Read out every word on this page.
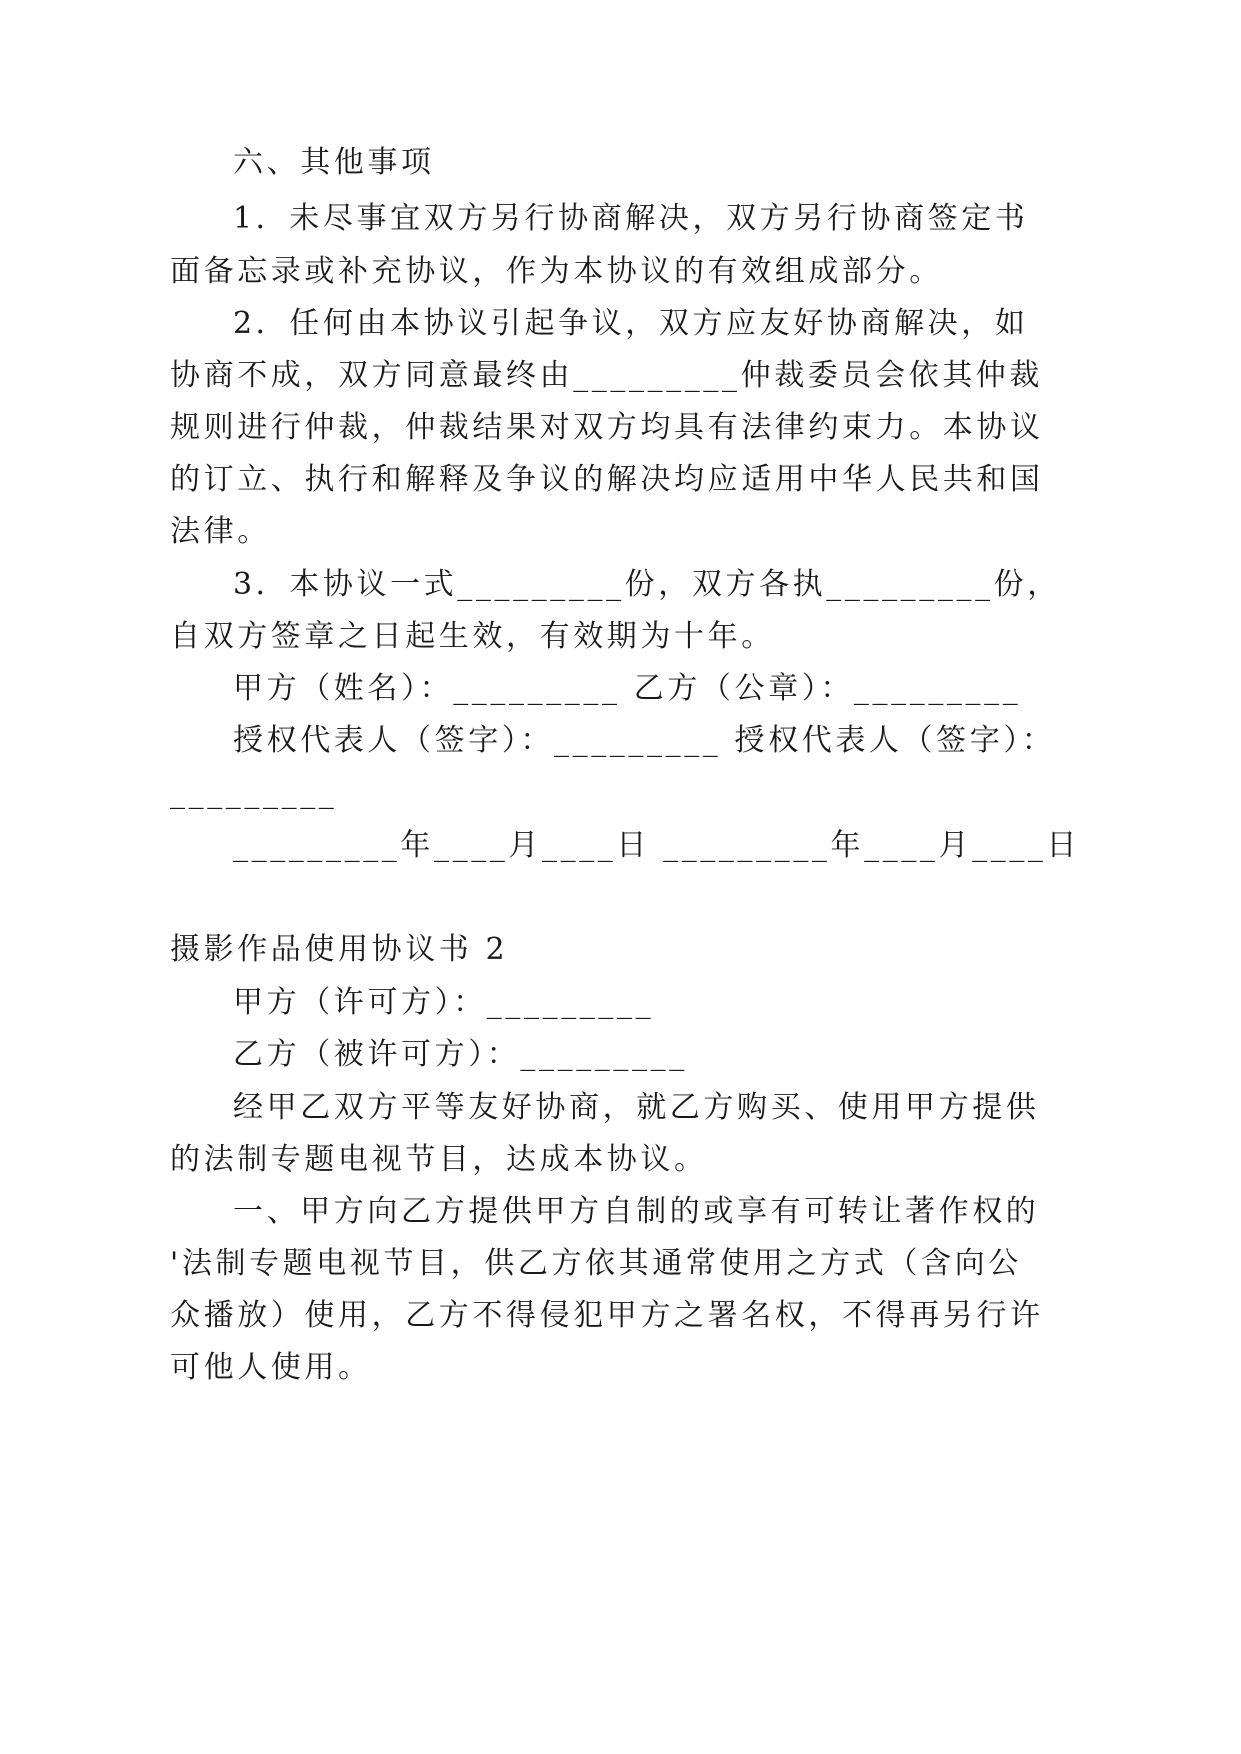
六、其他事项
1．未尽事宜双方另行协商解决，双方另行协商签定书
面备忘录或补充协议，作为本协议的有效组成部分。
2．任何由本协议引起争议，双方应友好协商解决，如
协商不成，双方同意最终由_________仲裁委员会依其仲裁
规则进行仲裁，仲裁结果对双方均具有法律约束力。本协议
的订立、执行和解释及争议的解决均应适用中华人民共和国
法律。
3．本协议一式_________份，双方各执_________份，
自双方签章之日起生效，有效期为十年。
甲方（姓名）：_________ 乙方（公章）：_________
授权代表人（签字）：_________ 授权代表人（签字）：
_________
_________年____月____日 _________年____月____日
摄影作品使用协议书 2
甲方（许可方）：_________
乙方（被许可方）：_________
经甲乙双方平等友好协商，就乙方购买、使用甲方提供
的法制专题电视节目，达成本协议。
一、甲方向乙方提供甲方自制的或享有可转让著作权的
'法制专题电视节目，供乙方依其通常使用之方式（含向公
众播放）使用，乙方不得侵犯甲方之署名权，不得再另行许
可他人使用。
